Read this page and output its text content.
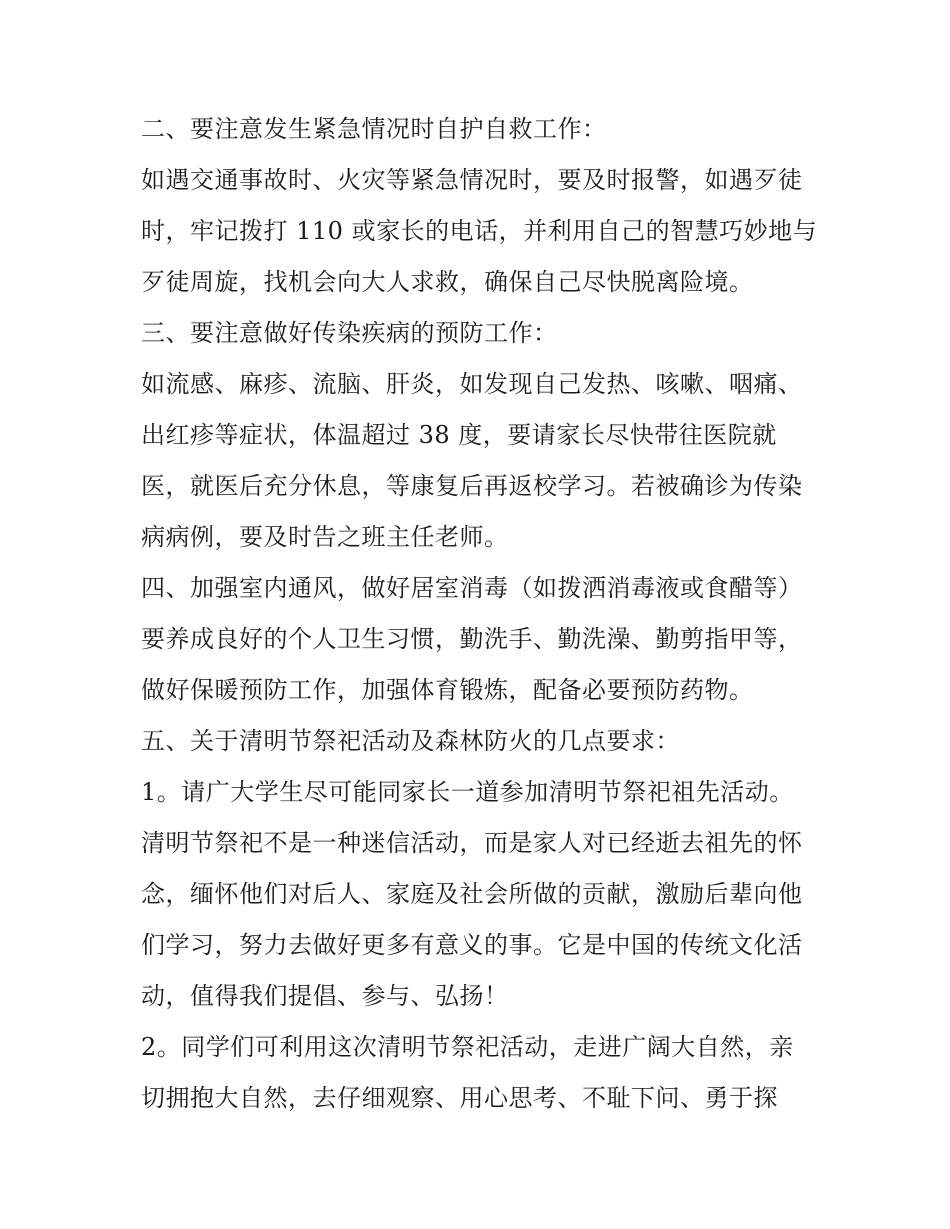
二、要注意发生紧急情况时自护自救工作：
如遇交通事故时、火灾等紧急情况时，要及时报警，如遇歹徒
时，牢记拨打 110 或家长的电话，并利用自己的智慧巧妙地与
歹徒周旋，找机会向大人求救，确保自己尽快脱离险境。
三、要注意做好传染疾病的预防工作：
如流感、麻疹、流脑、肝炎，如发现自己发热、咳嗽、咽痛、
出红疹等症状，体温超过 38 度，要请家长尽快带往医院就
医，就医后充分休息，等康复后再返校学习。若被确诊为传染
病病例，要及时告之班主任老师。
四、加强室内通风，做好居室消毒（如拨洒消毒液或食醋等）
要养成良好的个人卫生习惯，勤洗手、勤洗澡、勤剪指甲等，
做好保暖预防工作，加强体育锻炼，配备必要预防药物。
五、关于清明节祭祀活动及森林防火的几点要求：
1。请广大学生尽可能同家长一道参加清明节祭祀祖先活动。
清明节祭祀不是一种迷信活动，而是家人对已经逝去祖先的怀
念，缅怀他们对后人、家庭及社会所做的贡献，激励后辈向他
们学习，努力去做好更多有意义的事。它是中国的传统文化活
动，值得我们提倡、参与、弘扬！
2。同学们可利用这次清明节祭祀活动，走进广阔大自然，亲
切拥抱大自然，去仔细观察、用心思考、不耻下问、勇于探
